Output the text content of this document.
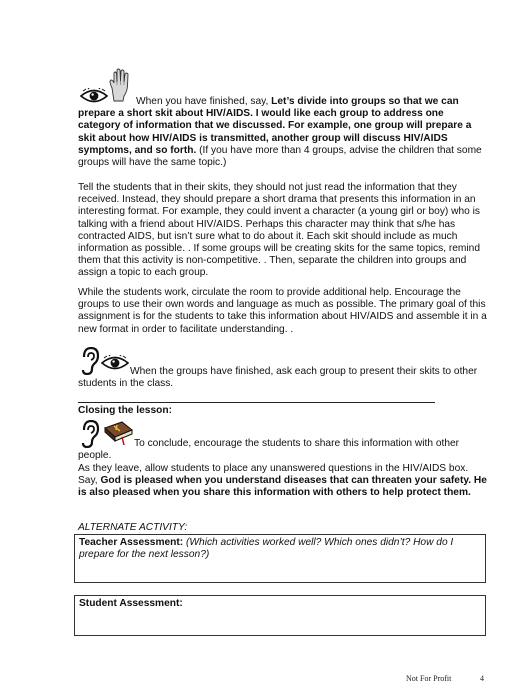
When you have finished, say, Let’s divide into groups so that we can prepare a short skit about HIV/AIDS. I would like each group to address one category of information that we discussed. For example, one group will prepare a skit about how HIV/AIDS is transmitted, another group will discuss HIV/AIDS symptoms, and so forth. (If you have more than 4 groups, advise the children that some groups will have the same topic.)

Tell the students that in their skits, they should not just read the information that they received. Instead, they should prepare a short drama that presents this information in an interesting format. For example, they could invent a character (a young girl or boy) who is talking with a friend about HIV/AIDS. Perhaps this character may think that s/he has contracted AIDS, but isn’t sure what to do about it. Each skit should include as much information as possible. . If some groups will be creating skits for the same topics, remind them that this activity is non-competitive. . Then, separate the children into groups and assign a topic to each group.

While the students work, circulate the room to provide additional help. Encourage the groups to use their own words and language as much as possible. The primary goal of this assignment is for the students to take this information about HIV/AIDS and assemble it in a new format in order to facilitate understanding. .

When the groups have finished, ask each group to present their skits to other students in the class.

Closing the lesson:

To conclude, encourage the students to share this information with other people.

As they leave, allow students to place any unanswered questions in the HIV/AIDS box.

Say, God is pleased when you understand diseases that can threaten your safety. He is also pleased when you share this information with others to help protect them.

ALTERNATE ACTIVITY:

Teacher Assessment: (Which activities worked well? Which ones didn’t? How do I prepare for the next lesson?)
Student Assessment:
Not For Profit	4
